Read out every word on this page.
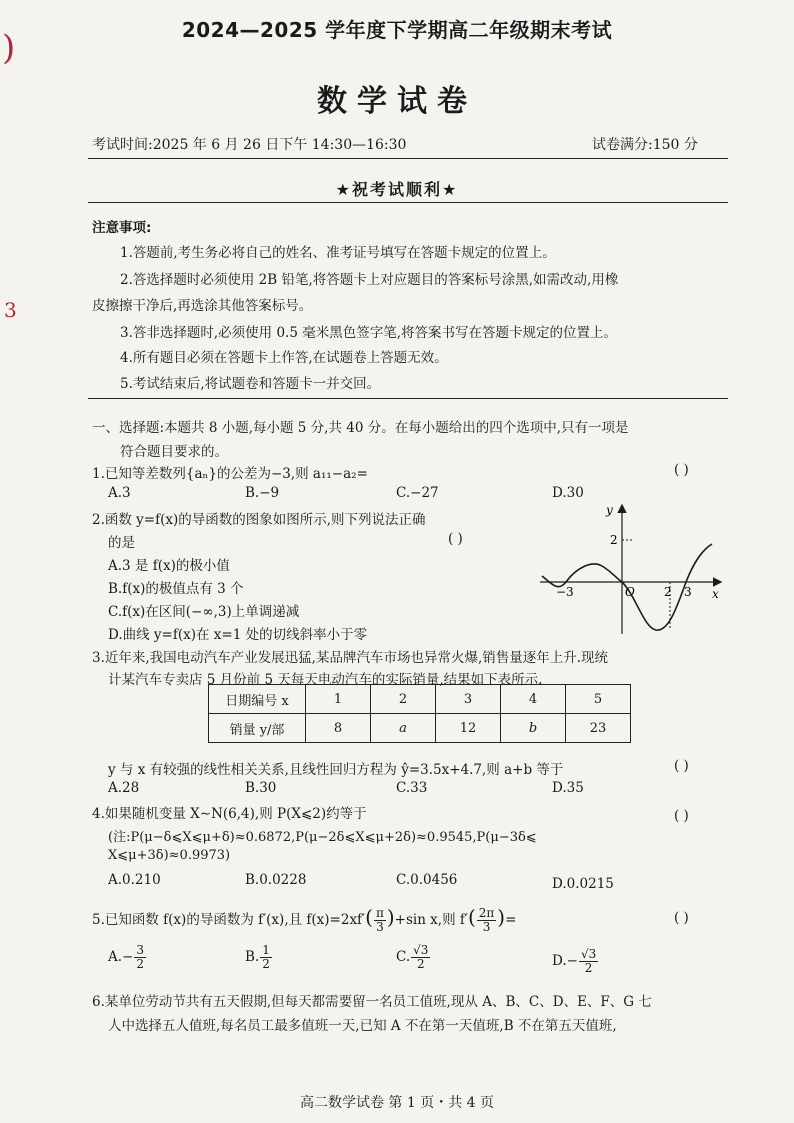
)
3
2024—2025 学年度下学期高二年级期末考试
数学试卷
考试时间:2025 年 6 月 26 日下午 14:30—16:30	试卷满分:150 分
★祝考试顺利★
注意事项:
1.答题前,考生务必将自己的姓名、准考证号填写在答题卡规定的位置上。
2.答选择题时必须使用 2B 铅笔,将答题卡上对应题目的答案标号涂黑,如需改动,用橡
皮擦擦干净后,再选涂其他答案标号。
3.答非选择题时,必须使用 0.5 毫米黑色签字笔,将答案书写在答题卡规定的位置上。
4.所有题目必须在答题卡上作答,在试题卷上答题无效。
5.考试结束后,将试题卷和答题卡一并交回。
一、选择题:本题共 8 小题,每小题 5 分,共 40 分。在每小题给出的四个选项中,只有一项是
符合题目要求的。
1.已知等差数列{aₙ}的公差为−3,则 a₁₁−a₂=	( )
A.3	B.−9	C.−27	D.30
2.函数 y=f(x)的导函数的图象如图所示,则下列说法正确
的是	( )
A.3 是 f(x)的极小值
B.f(x)的极值点有 3 个
C.f(x)在区间(−∞,3)上单调递减
D.曲线 y=f(x)在 x=1 处的切线斜率小于零
y
x
O
−3	2 3
2
3.近年来,我国电动汽车产业发展迅猛,某品牌汽车市场也异常火爆,销售量逐年上升.现统
计某汽车专卖店 5 月份前 5 天每天电动汽车的实际销量,结果如下表所示.
日期编号 x	1	2	3	4	5
销量 y/部	8	a	12	b	23
y 与 x 有较强的线性相关关系,且线性回归方程为 ŷ=3.5x+4.7,则 a+b 等于	( )
A.28	B.30	C.33	D.35
4.如果随机变量 X∼N(6,4),则 P(X⩽2)约等于	( )
(注:P(μ−δ⩽X⩽μ+δ)≈0.6872,P(μ−2δ⩽X⩽μ+2δ)≈0.9545,P(μ−3δ⩽
X⩽μ+3δ)≈0.9973)
A.0.210	B.0.0228	C.0.0456	D.0.0215
5.已知函数 f(x)的导函数为 f′(x),且 $f(x)=2xf'( \frac{\pi}{3} )+\sin$ x,则 $f'( \frac{2\pi}{3}$ )=	( )
$A.- \frac{3}{2}$	B. $\frac{1}{2}$	C. $\frac{√3}{2}$	$D.- \frac{√3}{2}$
6.某单位劳动节共有五天假期,但每天都需要留一名员工值班,现从 A、B、C、D、E、F、G 七
人中选择五人值班,每名员工最多值班一天,已知 A 不在第一天值班,B 不在第五天值班,
高二数学试卷 第 1 页・共 4 页
